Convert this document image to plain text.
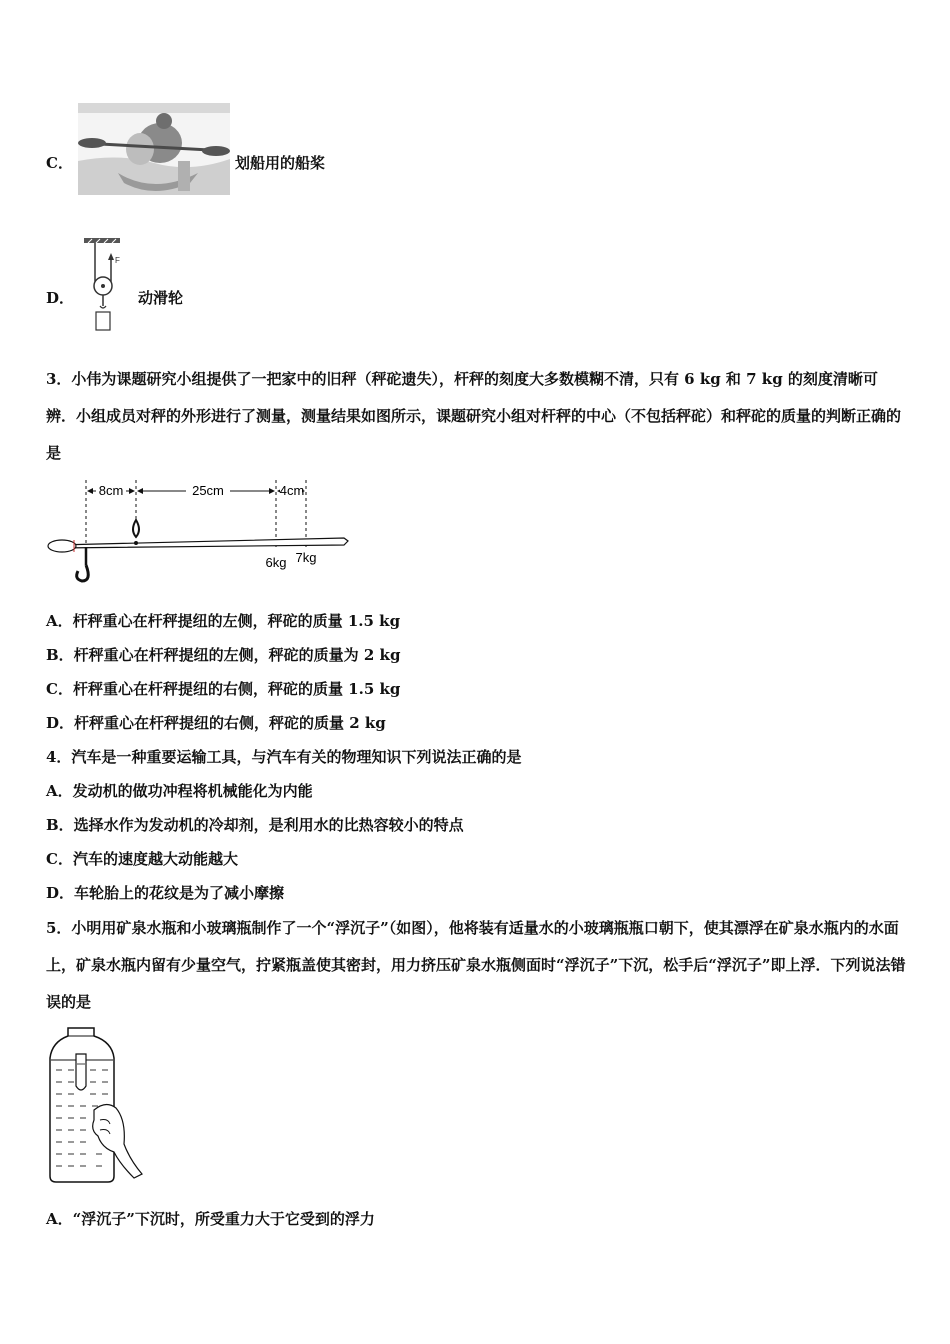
C．	划船用的船桨
D．
F
动滑轮
3．小伟为课题研究小组提供了一把家中的旧秤（秤砣遗失），杆秤的刻度大多数模糊不清，只有 6 kg 和 7 kg 的刻度清晰可辨．小组成员对秤的外形进行了测量，测量结果如图所示，课题研究小组对杆秤的中心（不包括秤砣）和秤砣的质量的判断正确的是
8cm	25cm	4cm
6kg 7kg
A．杆秤重心在杆秤提纽的左侧，秤砣的质量 1.5 kg
B．杆秤重心在杆秤提纽的左侧，秤砣的质量为 2 kg
C．杆秤重心在杆秤提纽的右侧，秤砣的质量 1.5 kg
D．杆秤重心在杆秤提纽的右侧，秤砣的质量 2 kg
4．汽车是一种重要运输工具，与汽车有关的物理知识下列说法正确的是
A．发动机的做功冲程将机械能化为内能
B．选择水作为发动机的冷却剂，是利用水的比热容较小的特点
C．汽车的速度越大动能越大
D．车轮胎上的花纹是为了减小摩擦
5．小明用矿泉水瓶和小玻璃瓶制作了一个“浮沉子”（如图），他将装有适量水的小玻璃瓶瓶口朝下，使其漂浮在矿泉水瓶内的水面上，矿泉水瓶内留有少量空气，拧紧瓶盖使其密封，用力挤压矿泉水瓶侧面时“浮沉子”下沉，松手后“浮沉子”即上浮．下列说法错误的是
A．“浮沉子”下沉时，所受重力大于它受到的浮力
